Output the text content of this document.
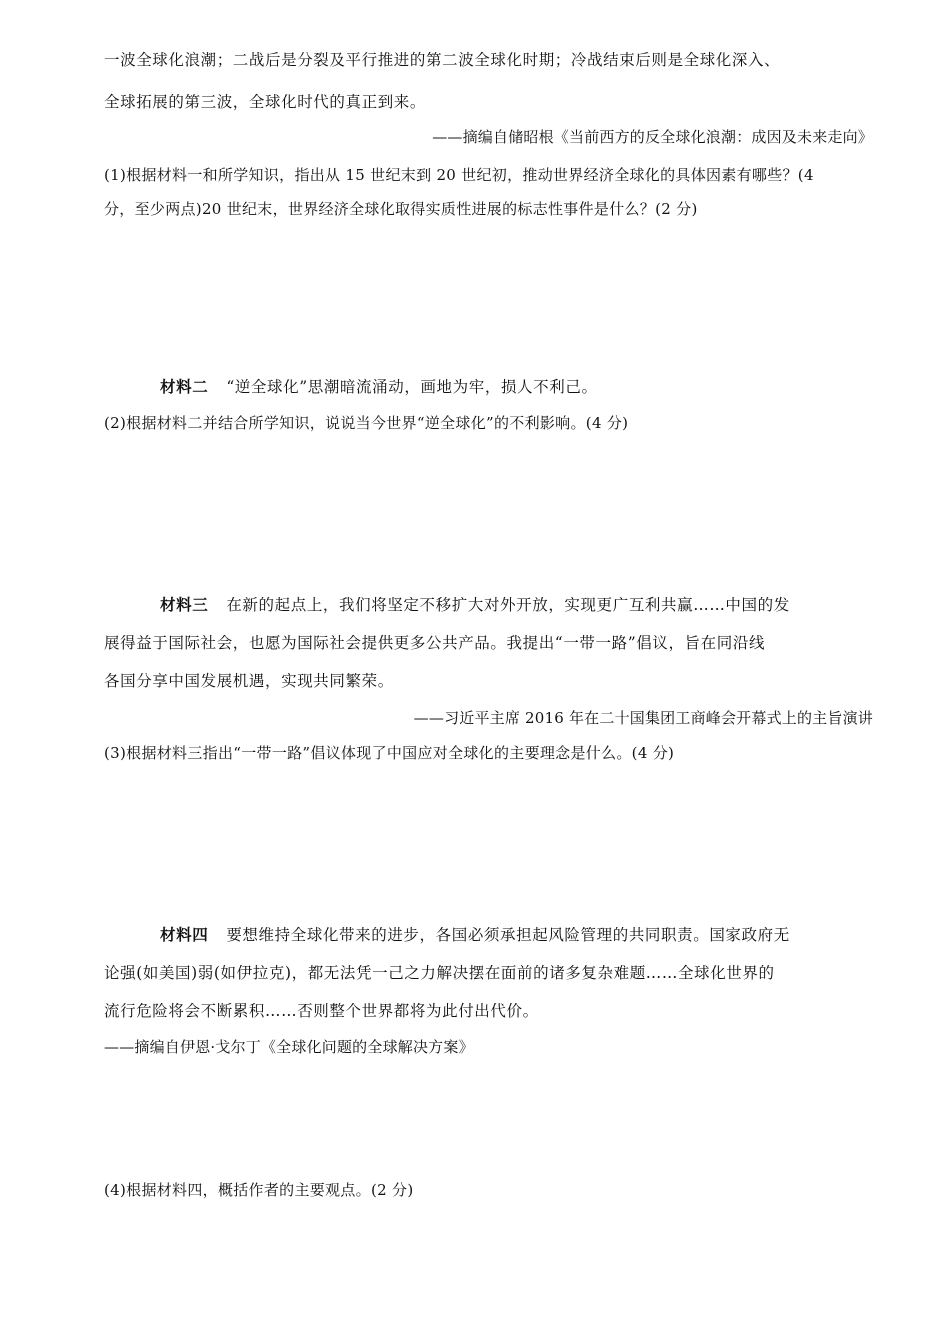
一波全球化浪潮；二战后是分裂及平行推进的第二波全球化时期；冷战结束后则是全球化深入、
全球拓展的第三波，全球化时代的真正到来。
——摘编自储昭根《当前西方的反全球化浪潮：成因及未来走向》
(1)根据材料一和所学知识，指出从 15 世纪末到 20 世纪初，推动世界经济全球化的具体因素有哪些？(4
分，至少两点)20 世纪末，世界经济全球化取得实质性进展的标志性事件是什么？(2 分)
材料二 “逆全球化”思潮暗流涌动，画地为牢，损人不利己。
(2)根据材料二并结合所学知识，说说当今世界“逆全球化”的不利影响。(4 分)
材料三 在新的起点上，我们将坚定不移扩大对外开放，实现更广互利共赢……中国的发
展得益于国际社会，也愿为国际社会提供更多公共产品。我提出“一带一路”倡议，旨在同沿线
各国分享中国发展机遇，实现共同繁荣。
——习近平主席 2016 年在二十国集团工商峰会开幕式上的主旨演讲
(3)根据材料三指出“一带一路”倡议体现了中国应对全球化的主要理念是什么。(4 分)
材料四 要想维持全球化带来的进步，各国必须承担起风险管理的共同职责。国家政府无
论强(如美国)弱(如伊拉克)，都无法凭一己之力解决摆在面前的诸多复杂难题……全球化世界的
流行危险将会不断累积……否则整个世界都将为此付出代价。
——摘编自伊恩·戈尔丁《全球化问题的全球解决方案》
(4)根据材料四，概括作者的主要观点。(2 分)
